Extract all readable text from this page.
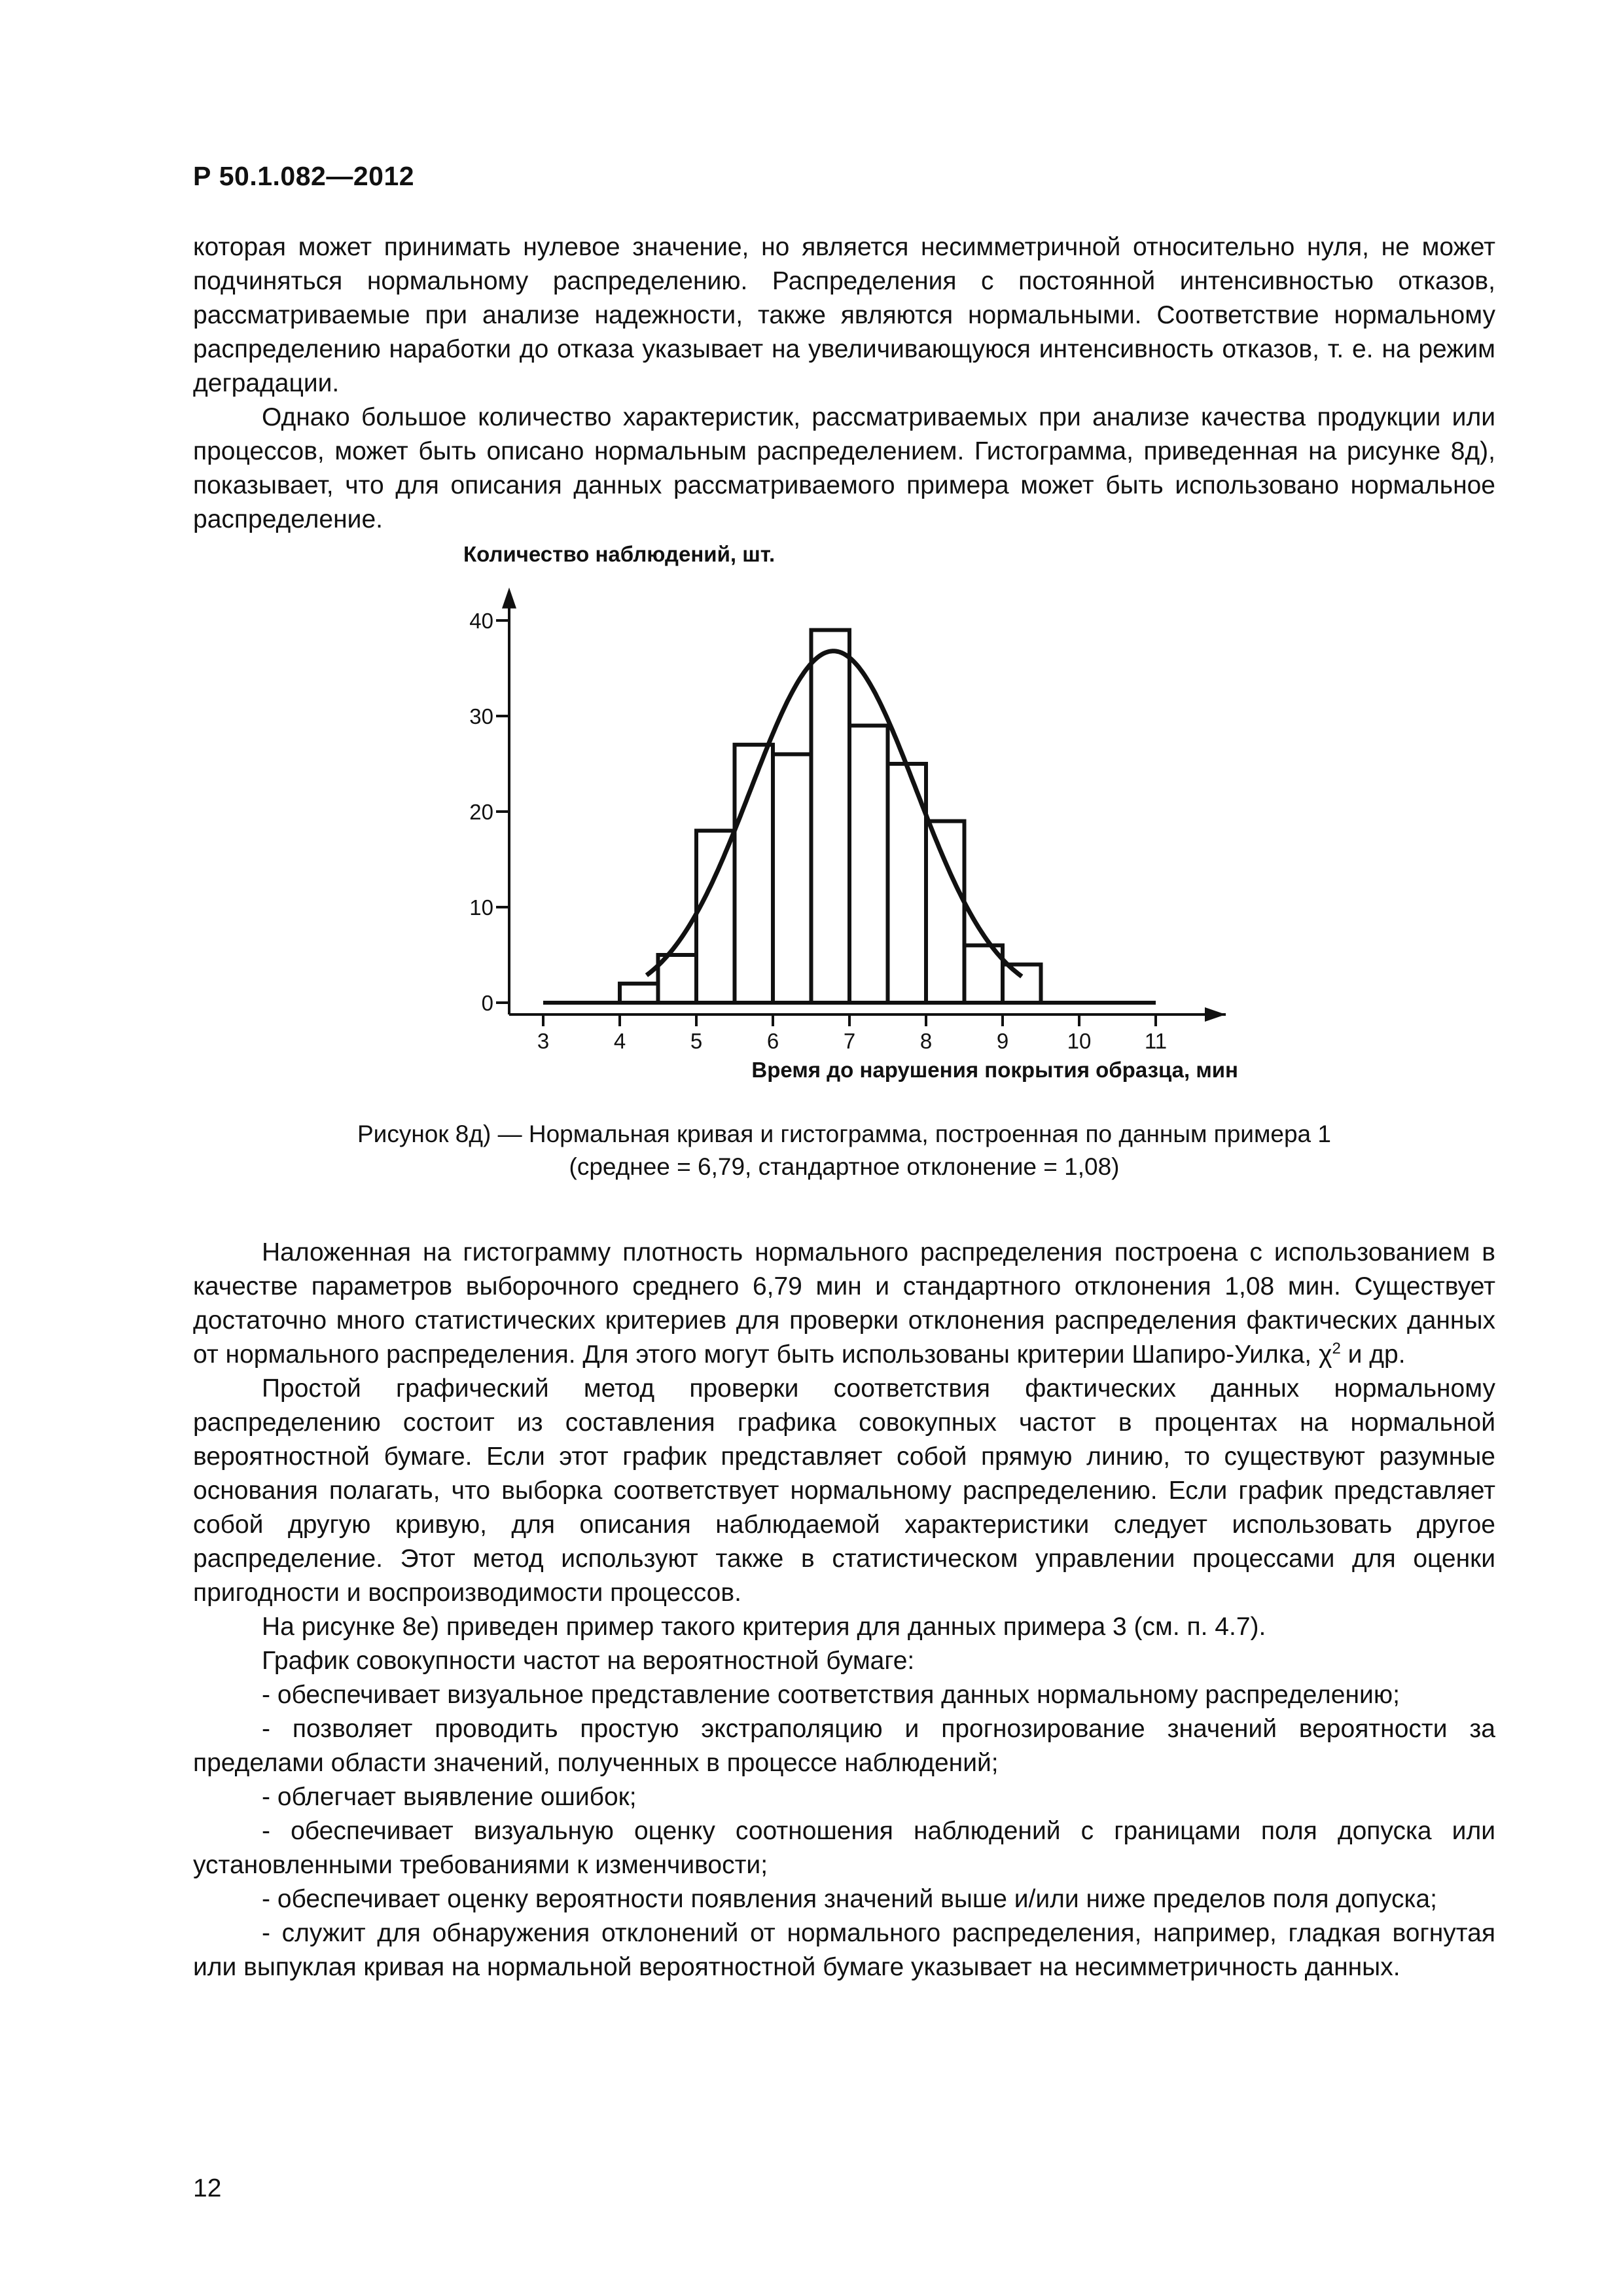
Р 50.1.082—2012

которая может принимать нулевое значение, но является несимметричной относительно нуля, не может подчиняться нормальному распределению. Распределения с постоянной интенсивностью отказов, рассматриваемые при анализе надежности, также являются нормальными. Соответствие нормальному распределению наработки до отказа указывает на увеличивающуюся интенсивность отказов, т. е. на режим деградации.

Однако большое количество характеристик, рассматриваемых при анализе качества продукции или процессов, может быть описано нормальным распределением. Гистограмма, приведенная на рисунке 8д), показывает, что для описания данных рассматриваемого примера может быть использовано нормальное распределение.

0
10
20
30
40
3	4	5	6	7	8	9	10 11
Количество наблюдений, шт.
Время до нарушения покрытия образца, мин
Рисунок 8д) — Нормальная кривая и гистограмма, построенная по данным примера 1
(среднее = 6,79, стандартное отклонение = 1,08)

Наложенная на гистограмму плотность нормального распределения построена с использованием в качестве параметров выборочного среднего 6,79 мин и стандартного отклонения 1,08 мин. Существует достаточно много статистических критериев для проверки отклонения распределения фактических данных от нормального распределения. Для этого могут быть использованы критерии Шапиро-Уилка, $\chi^2$ и др.

Простой графический метод проверки соответствия фактических данных нормальному распределению состоит из составления графика совокупных частот в процентах на нормальной вероятностной бумаге. Если этот график представляет собой прямую линию, то существуют разумные основания полагать, что выборка соответствует нормальному распределению. Если график представляет собой другую кривую, для описания наблюдаемой характеристики следует использовать другое распределение. Этот метод используют также в статистическом управлении процессами для оценки пригодности и воспроизводимости процессов.

На рисунке 8е) приведен пример такого критерия для данных примера 3 (см. п. 4.7).

График совокупности частот на вероятностной бумаге:

- обеспечивает визуальное представление соответствия данных нормальному распределению;

- позволяет проводить простую экстраполяцию и прогнозирование значений вероятности за пределами области значений, полученных в процессе наблюдений;

- облегчает выявление ошибок;

- обеспечивает визуальную оценку соотношения наблюдений с границами поля допуска или установленными требованиями к изменчивости;

- обеспечивает оценку вероятности появления значений выше и/или ниже пределов поля допуска;

- служит для обнаружения отклонений от нормального распределения, например, гладкая вогнутая или выпуклая кривая на нормальной вероятностной бумаге указывает на несимметричность данных.

12
